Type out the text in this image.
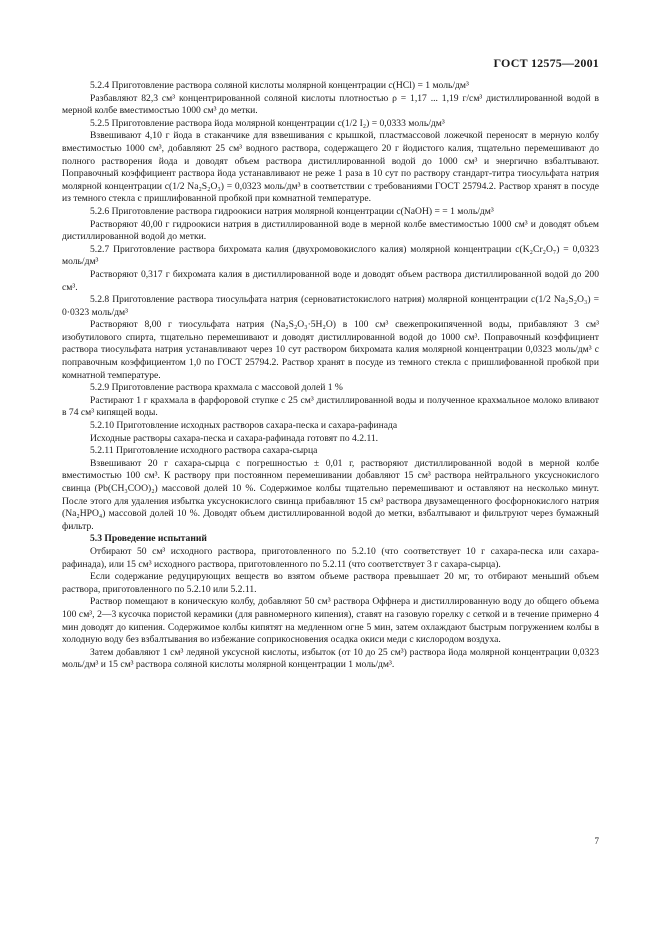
ГОСТ 12575—2001

5.2.4 Приготовление раствора соляной кислоты молярной концентрации c(HCl) = 1 моль/дм³

Разбавляют 82,3 см³ концентрированной соляной кислоты плотностью ρ = 1,17 ... 1,19 г/см³ дистиллированной водой в мерной колбе вместимостью 1000 см³ до метки.

5.2.5 Приготовление раствора йода молярной концентрации c(1/2 I₂) = 0,0333 моль/дм³

Взвешивают 4,10 г йода в стаканчике для взвешивания с крышкой, пластмассовой ложечкой переносят в мерную колбу вместимостью 1000 см³, добавляют 25 см³ водного раствора, содержащего 20 г йодистого калия, тщательно перемешивают до полного растворения йода и доводят объем раствора дистиллированной водой до 1000 см³ и энергично взбалтывают. Поправочный коэффициент раствора йода устанавливают не реже 1 раза в 10 сут по раствору стандарт-титра тиосульфата натрия молярной концентрации c(1/2 Na₂S₂O₃) = 0,0323 моль/дм³ в соответствии с требованиями ГОСТ 25794.2. Раствор хранят в посуде из темного стекла с пришлифованной пробкой при комнатной температуре.

5.2.6 Приготовление раствора гидроокиси натрия молярной концентрации c(NaOH) = = 1 моль/дм³

Растворяют 40,00 г гидроокиси натрия в дистиллированной воде в мерной колбе вместимостью 1000 см³ и доводят объем дистиллированной водой до метки.

5.2.7 Приготовление раствора бихромата калия (двухромовокислого калия) молярной концентрации c(K₂Cr₂O₇) = 0,0323 моль/дм³

Растворяют 0,317 г бихромата калия в дистиллированной воде и доводят объем раствора дистиллированной водой до 200 см³.

5.2.8 Приготовление раствора тиосульфата натрия (серноватистокислого натрия) молярной концентрации c(1/2 Na₂S₂O₃) = 0·0323 моль/дм³

Растворяют 8,00 г тиосульфата натрия (Na₂S₂O₃·5H₂O) в 100 см³ свежепрокипяченной воды, прибавляют 3 см³ изобутилового спирта, тщательно перемешивают и доводят дистиллированной водой до 1000 см³. Поправочный коэффициент раствора тиосульфата натрия устанавливают через 10 сут раствором бихромата калия молярной концентрации 0,0323 моль/дм³ с поправочным коэффициентом 1,0 по ГОСТ 25794.2. Раствор хранят в посуде из темного стекла с пришлифованной пробкой при комнатной температуре.

5.2.9 Приготовление раствора крахмала с массовой долей 1 %

Растирают 1 г крахмала в фарфоровой ступке с 25 см³ дистиллированной воды и полученное крахмальное молоко вливают в 74 см³ кипящей воды.

5.2.10 Приготовление исходных растворов сахара-песка и сахара-рафинада

Исходные растворы сахара-песка и сахара-рафинада готовят по 4.2.11.

5.2.11 Приготовление исходного раствора сахара-сырца

Взвешивают 20 г сахара-сырца с погрешностью ± 0,01 г, растворяют дистиллированной водой в мерной колбе вместимостью 100 см³. К раствору при постоянном перемешивании добавляют 15 см³ раствора нейтрального уксуснокислого свинца (Pb(CH₃COO)₂) массовой долей 10 %. Содержимое колбы тщательно перемешивают и оставляют на несколько минут. После этого для удаления избытка уксуснокислого свинца прибавляют 15 см³ раствора двузамещенного фосфорнокислого натрия (Na₂HPO₄) массовой долей 10 %. Доводят объем дистиллированной водой до метки, взбалтывают и фильтруют через бумажный фильтр.

5.3 Проведение испытаний

Отбирают 50 см³ исходного раствора, приготовленного по 5.2.10 (что соответствует 10 г сахара-песка или сахара-рафинада), или 15 см³ исходного раствора, приготовленного по 5.2.11 (что соответствует 3 г сахара-сырца).

Если содержание редуцирующих веществ во взятом объеме раствора превышает 20 мг, то отбирают меньший объем раствора, приготовленного по 5.2.10 или 5.2.11.

Раствор помещают в коническую колбу, добавляют 50 см³ раствора Оффнера и дистиллированную воду до общего объема 100 см³, 2—3 кусочка пористой керамики (для равномерного кипения), ставят на газовую горелку с сеткой и в течение примерно 4 мин доводят до кипения. Содержимое колбы кипятят на медленном огне 5 мин, затем охлаждают быстрым погружением колбы в холодную воду без взбалтывания во избежание соприкосновения осадка окиси меди с кислородом воздуха.

Затем добавляют 1 см³ ледяной уксусной кислоты, избыток (от 10 до 25 см³) раствора йода молярной концентрации 0,0323 моль/дм³ и 15 см³ раствора соляной кислоты молярной концентрации 1 моль/дм³.

7
